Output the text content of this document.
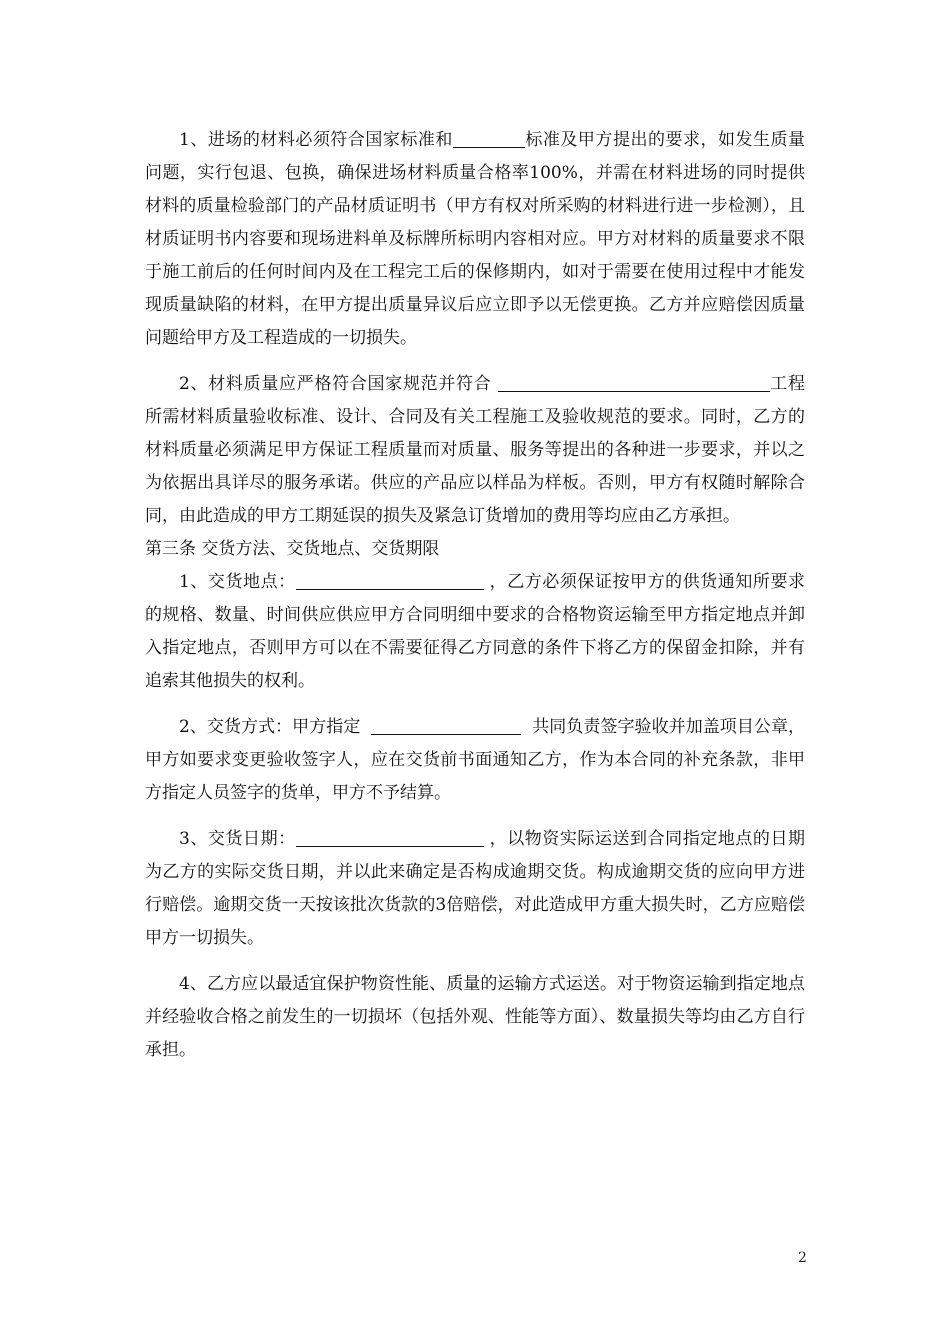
1、进场的材料必须符合国家标准和	标准及甲方提出的要求，如发生质量问题，实行包退、包换，确保进场材料质量合格率100%，并需在材料进场的同时提供材料的质量检验部门的产品材质证明书（甲方有权对所采购的材料进行进一步检测），且材质证明书内容要和现场进料单及标牌所标明内容相对应。甲方对材料的质量要求不限于施工前后的任何时间内及在工程完工后的保修期内，如对于需要在使用过程中才能发现质量缺陷的材料，在甲方提出质量异议后应立即予以无偿更换。乙方并应赔偿因质量问题给甲方及工程造成的一切损失。

2、材料质量应严格符合国家规范并符合	工程所需材料质量验收标准、设计、合同及有关工程施工及验收规范的要求。同时，乙方的材料质量必须满足甲方保证工程质量而对质量、服务等提出的各种进一步要求，并以之为依据出具详尽的服务承诺。供应的产品应以样品为样板。否则，甲方有权随时解除合同，由此造成的甲方工期延误的损失及紧急订货增加的费用等均应由乙方承担。

第三条 交货方法、交货地点、交货期限

1、交货地点：	，乙方必须保证按甲方的供货通知所要求的规格、数量、时间供应供应甲方合同明细中要求的合格物资运输至甲方指定地点并卸入指定地点，否则甲方可以在不需要征得乙方同意的条件下将乙方的保留金扣除，并有追索其他损失的权利。

2、交货方式：甲方指定	共同负责签字验收并加盖项目公章，甲方如要求变更验收签字人，应在交货前书面通知乙方，作为本合同的补充条款，非甲方指定人员签字的货单，甲方不予结算。

3、交货日期：	，以物资实际运送到合同指定地点的日期为乙方的实际交货日期，并以此来确定是否构成逾期交货。构成逾期交货的应向甲方进行赔偿。逾期交货一天按该批次货款的3倍赔偿，对此造成甲方重大损失时，乙方应赔偿甲方一切损失。

4、乙方应以最适宜保护物资性能、质量的运输方式运送。对于物资运输到指定地点并经验收合格之前发生的一切损坏（包括外观、性能等方面）、数量损失等均由乙方自行承担。

2
